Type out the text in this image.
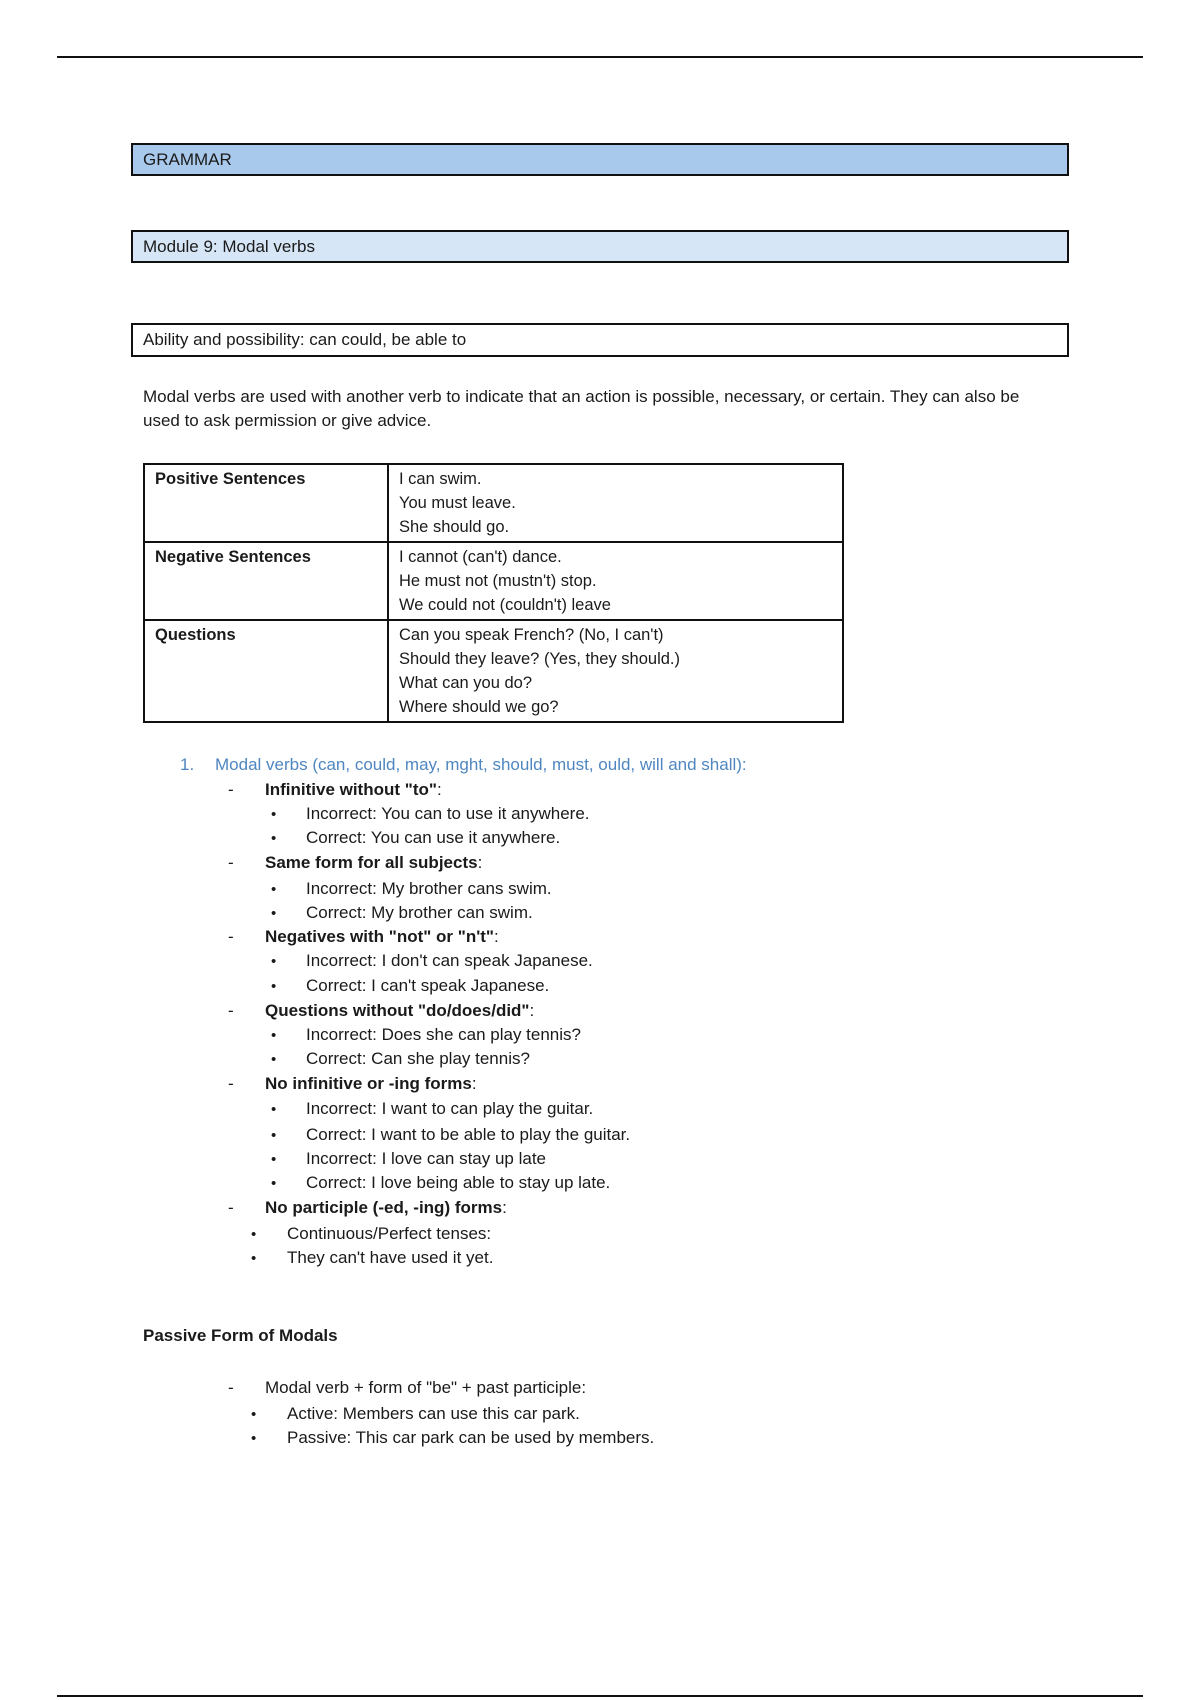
GRAMMAR
Module 9: Modal verbs
Ability and possibility: can could, be able to

Modal verbs are used with another verb to indicate that an action is possible, necessary, or certain. They can also be used to ask permission or give advice.

Positive Sentences	I can swim.
You must leave.
She should go.

Negative Sentences	I cannot (can't) dance.
He must not (mustn't) stop.
We could not (couldn't) leave

Questions	Can you speak French? (No, I can't)
Should they leave? (Yes, they should.)
What can you do?
Where should we go?
1. Modal verbs (can, could, may, mght, should, must, ould, will and shall):
- Infinitive without "to":
• Incorrect: You can to use it anywhere.
• Correct: You can use it anywhere.
- Same form for all subjects:
• Incorrect: My brother cans swim.
• Correct: My brother can swim.
- Negatives with "not" or "n't":
• Incorrect: I don't can speak Japanese.
• Correct: I can't speak Japanese.
- Questions without "do/does/did":
• Incorrect: Does she can play tennis?
• Correct: Can she play tennis?
- No infinitive or -ing forms:
• Incorrect: I want to can play the guitar.
• Correct: I want to be able to play the guitar.
• Incorrect: I love can stay up late
• Correct: I love being able to stay up late.
- No participle (-ed, -ing) forms:
• Continuous/Perfect tenses:
• They can't have used it yet.
Passive Form of Modals
- Modal verb + form of "be" + past participle:
• Active: Members can use this car park.
• Passive: This car park can be used by members.
